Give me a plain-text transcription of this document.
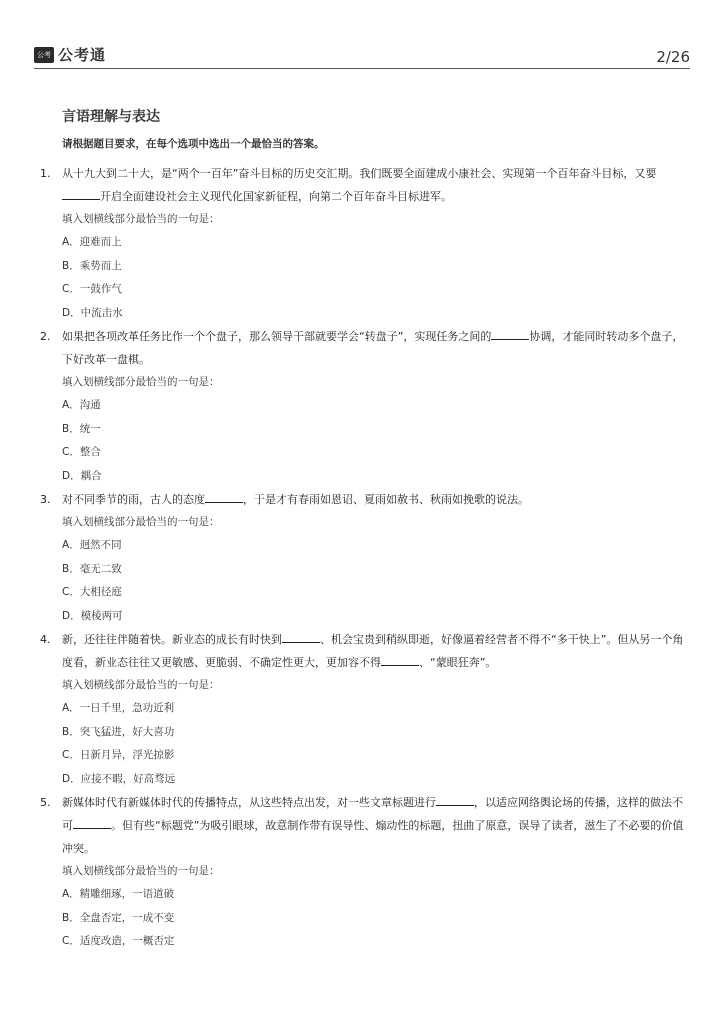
公考通
公考通	2/26
言语理解与表达
请根据题目要求，在每个选项中选出一个最恰当的答案。
1.	从十九大到二十大，是“两个一百年”奋斗目标的历史交汇期。我们既要全面建成小康社会、实现第一个百年奋斗目标，又要开启全面建设社会主义现代化国家新征程，向第二个百年奋斗目标进军。
填入划横线部分最恰当的一句是：
A．迎难而上
B．乘势而上
C．一鼓作气
D．中流击水
2.	如果把各项改革任务比作一个个盘子，那么领导干部就要学会“转盘子”，实现任务之间的	协调，才能同时转动多个盘子，下好改革一盘棋。
填入划横线部分最恰当的一句是：
A．沟通
B．统一
C．整合
D．耦合
3.	对不同季节的雨，古人的态度	，于是才有春雨如恩诏、夏雨如赦书、秋雨如挽歌的说法。
填入划横线部分最恰当的一句是：
A．迥然不同
B．毫无二致
C．大相径庭
D．模棱两可
4.	新，还往往伴随着快。新业态的成长有时快到	、机会宝贵到稍纵即逝，好像逼着经营者不得不“多干快上”。但从另一个角度看，新业态往往又更敏感、更脆弱、不确定性更大，更加容不得	、“蒙眼狂奔”。
填入划横线部分最恰当的一句是：
A．一日千里，急功近利
B．突飞猛进，好大喜功
C．日新月异，浮光掠影
D．应接不暇，好高骛远
5.	新媒体时代有新媒体时代的传播特点，从这些特点出发，对一些文章标题进行	，以适应网络舆论场的传播，这样的做法不可	。但有些“标题党”为吸引眼球，故意制作带有误导性、煽动性的标题，扭曲了原意，误导了读者，滋生了不必要的价值冲突。
填入划横线部分最恰当的一句是：
A．精雕细琢，一语道破
B．全盘否定，一成不变
C．适度改造，一概否定
